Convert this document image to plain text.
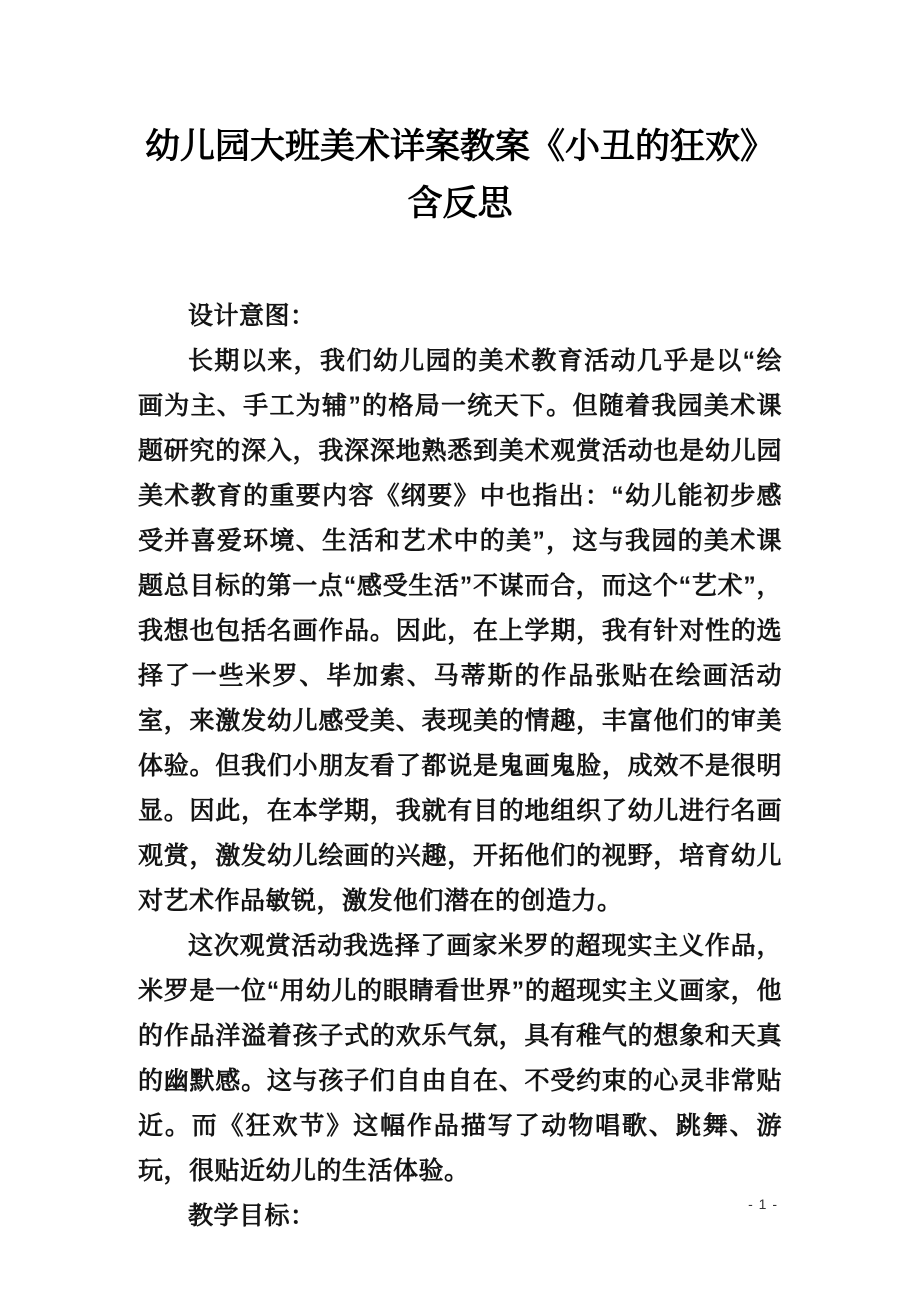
幼儿园大班美术详案教案《小丑的狂欢》
含反思

设计意图：

长期以来，我们幼儿园的美术教育活动几乎是以“绘画为主、手工为辅”的格局一统天下。但随着我园美术课题研究的深入，我深深地熟悉到美术观赏活动也是幼儿园美术教育的重要内容《纲要》中也指出：“幼儿能初步感受并喜爱环境、生活和艺术中的美”，这与我园的美术课题总目标的第一点“感受生活”不谋而合，而这个“艺术”，我想也包括名画作品。因此，在上学期，我有针对性的选择了一些米罗、毕加索、马蒂斯的作品张贴在绘画活动室，来激发幼儿感受美、表现美的情趣，丰富他们的审美体验。但我们小朋友看了都说是鬼画鬼脸，成效不是很明显。因此，在本学期，我就有目的地组织了幼儿进行名画观赏，激发幼儿绘画的兴趣，开拓他们的视野，培育幼儿对艺术作品敏锐，激发他们潜在的创造力。

这次观赏活动我选择了画家米罗的超现实主义作品，米罗是一位“用幼儿的眼睛看世界”的超现实主义画家，他的作品洋溢着孩子式的欢乐气氛，具有稚气的想象和天真的幽默感。这与孩子们自由自在、不受约束的心灵非常贴近。而《狂欢节》这幅作品描写了动物唱歌、跳舞、游玩，很贴近幼儿的生活体验。

教学目标：	- 1 -
